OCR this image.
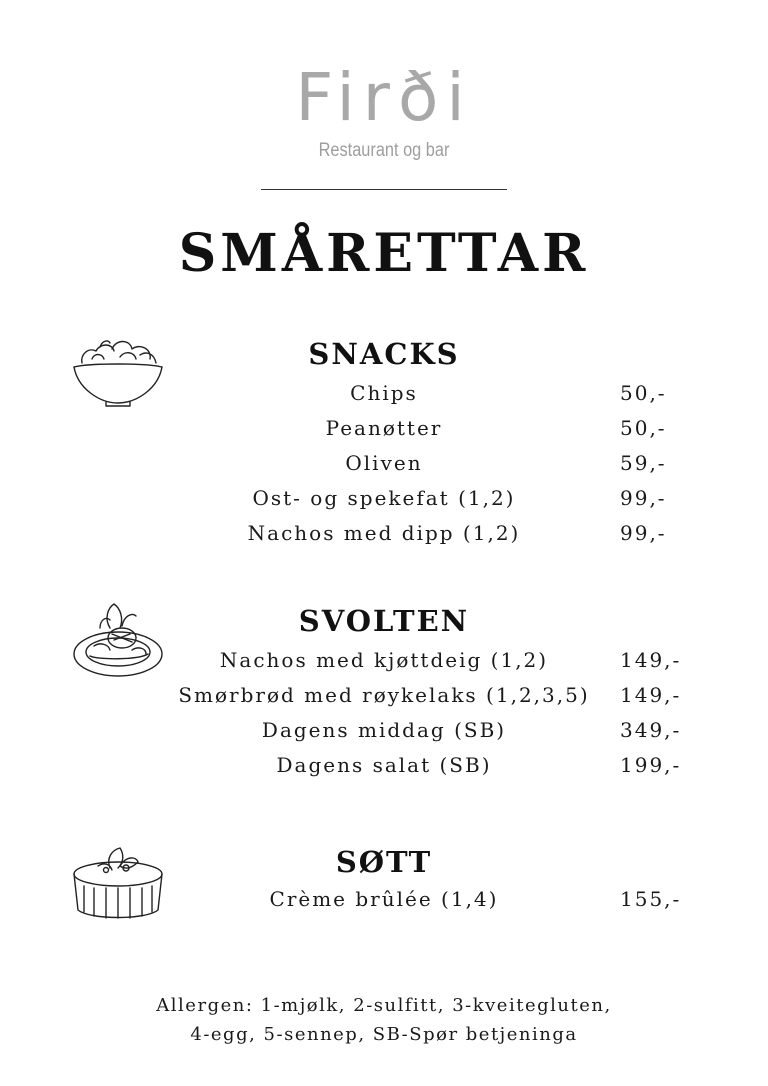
Firði
Restaurant og bar
SMÅRETTAR
SNACKS
Chips	50,-
Peanøtter	50,-
Oliven	59,-
Ost- og spekefat (1,2)	99,-
Nachos med dipp (1,2)	99,-
SVOLTEN
Nachos med kjøttdeig (1,2)	149,-
Smørbrød med røykelaks (1,2,3,5)	149,-
Dagens middag (SB)	349,-
Dagens salat (SB)	199,-
SØTT
Crème brûlée (1,4)	155,-
Allergen: 1-mjølk, 2-sulfitt, 3-kveitegluten,
4-egg, 5-sennep, SB-Spør betjeninga
